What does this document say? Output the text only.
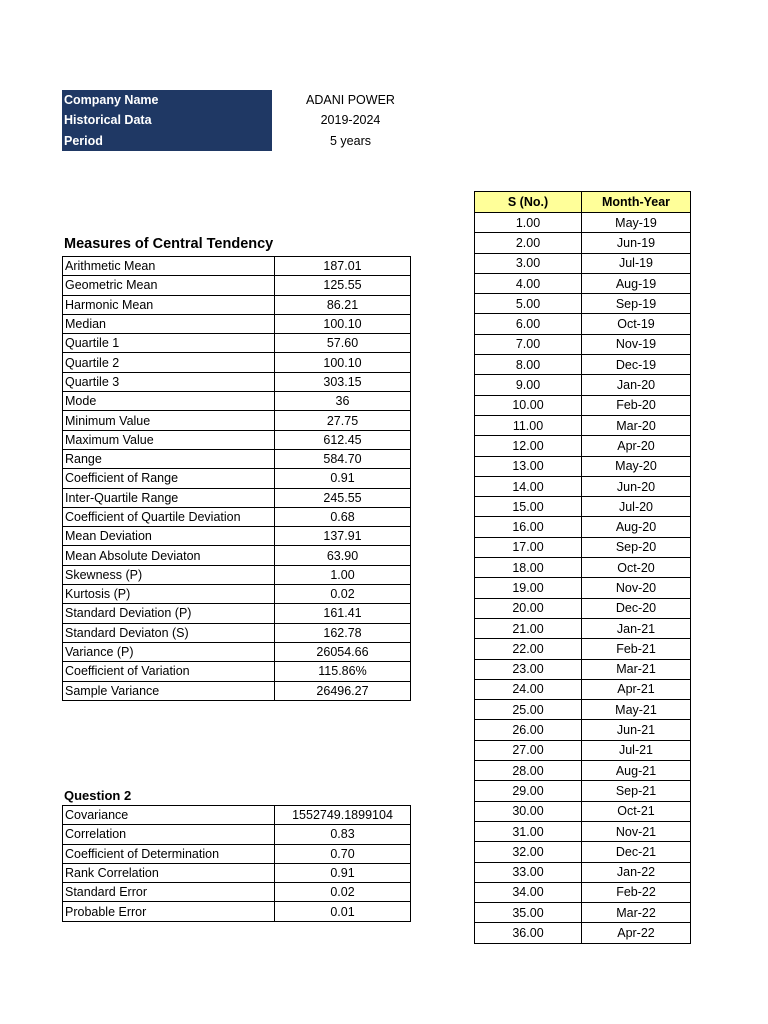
Company Name	ADANI POWER
Historical Data	2019-2024
Period	5 years
Measures of Central Tendency
Arithmetic Mean	187.01
Geometric Mean	125.55
Harmonic Mean	86.21
Median	100.10
Quartile 1	57.60
Quartile 2	100.10
Quartile 3	303.15
Mode	36
Minimum Value	27.75
Maximum Value	612.45
Range	584.70
Coefficient of Range	0.91
Inter-Quartile Range	245.55
Coefficient of Quartile Deviation	0.68
Mean Deviation	137.91
Mean Absolute Deviaton	63.90
Skewness (P)	1.00
Kurtosis (P)	0.02
Standard Deviation (P)	161.41
Standard Deviaton (S)	162.78
Variance (P)	26054.66
Coefficient of Variation	115.86%
Sample Variance	26496.27
Question 2
Covariance	1552749.1899104
Correlation	0.83
Coefficient of Determination	0.70
Rank Correlation	0.91
Standard Error	0.02
Probable Error	0.01
S (No.)	Month-Year
1.00	May-19
2.00	Jun-19
3.00	Jul-19
4.00	Aug-19
5.00	Sep-19
6.00	Oct-19
7.00	Nov-19
8.00	Dec-19
9.00	Jan-20
10.00	Feb-20
11.00	Mar-20
12.00	Apr-20
13.00	May-20
14.00	Jun-20
15.00	Jul-20
16.00	Aug-20
17.00	Sep-20
18.00	Oct-20
19.00	Nov-20
20.00	Dec-20
21.00	Jan-21
22.00	Feb-21
23.00	Mar-21
24.00	Apr-21
25.00	May-21
26.00	Jun-21
27.00	Jul-21
28.00	Aug-21
29.00	Sep-21
30.00	Oct-21
31.00	Nov-21
32.00	Dec-21
33.00	Jan-22
34.00	Feb-22
35.00	Mar-22
36.00	Apr-22
